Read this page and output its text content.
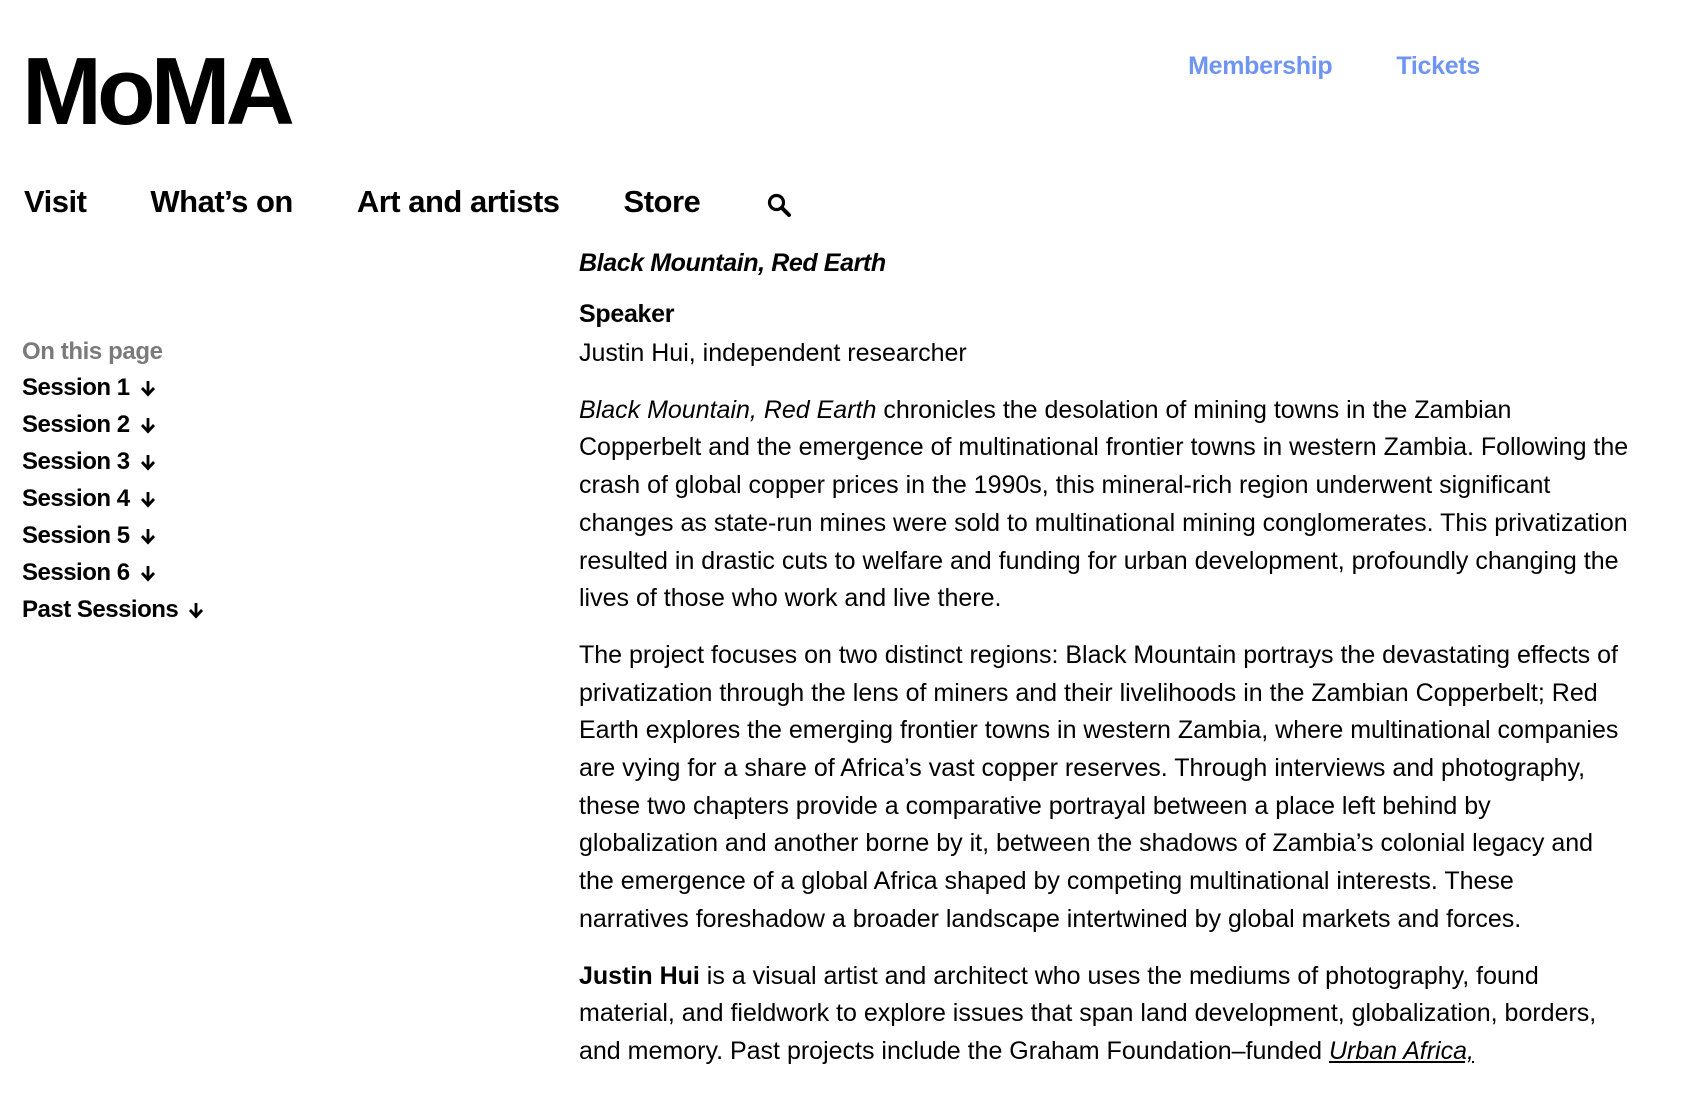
MoMA	Membership	Tickets
Visit What’s on Art and artists Store
On this page
Session 1
Session 2
Session 3
Session 4
Session 5
Session 6
Past Sessions
Black Mountain, Red Earth
Speaker

Justin Hui, independent researcher

Black Mountain, Red Earth chronicles the desolation of mining towns in the Zambian Copperbelt and the emergence of multinational frontier towns in western Zambia. Following the crash of global copper prices in the 1990s, this mineral-rich region underwent significant changes as state-run mines were sold to multinational mining conglomerates. This privatization resulted in drastic cuts to welfare and funding for urban development, profoundly changing the lives of those who work and live there.

The project focuses on two distinct regions: Black Mountain portrays the devastating effects of privatization through the lens of miners and their livelihoods in the Zambian Copperbelt; Red Earth explores the emerging frontier towns in western Zambia, where multinational companies are vying for a share of Africa’s vast copper reserves. Through interviews and photography, these two chapters provide a comparative portrayal between a place left behind by globalization and another borne by it, between the shadows of Zambia’s colonial legacy and the emergence of a global Africa shaped by competing multinational interests. These narratives foreshadow a broader landscape intertwined by global markets and forces.

Justin Hui is a visual artist and architect who uses the mediums of photography, found material, and fieldwork to explore issues that span land development, globalization, borders, and memory. Past projects include the Graham Foundation–funded Urban Africa,
